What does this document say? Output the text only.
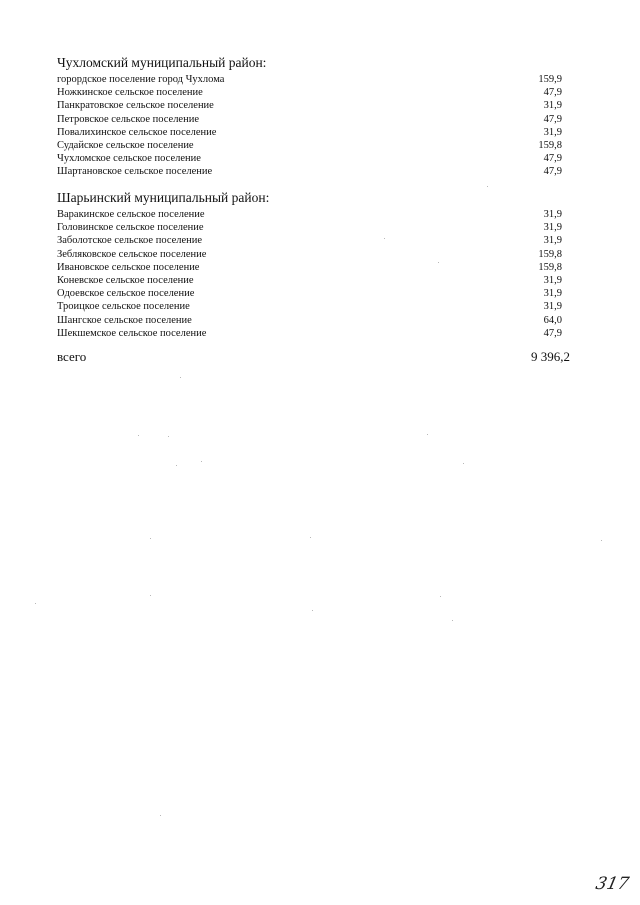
Чухломский муниципальный район:
горордское поселение город Чухлома	159,9
Ножкинское сельское поселение	47,9
Панкратовское сельское поселение	31,9
Петровское сельское поселение	47,9
Повалихинское сельское поселение	31,9
Судайское сельское поселение	159,8
Чухломское сельское поселение	47,9
Шартановское сельское поселение	47,9
Шарьинский муниципальный район:
Варакинское сельское поселение	31,9
Головинское сельское поселение	31,9
Заболотское сельское поселение	31,9
Зебляковское сельское поселение	159,8
Ивановское сельское поселение	159,8
Коневское сельское поселение	31,9
Одоевское сельское поселение	31,9
Троицкое сельское поселение	31,9
Шангское сельское поселение	64,0
Шекшемское сельское поселение	47,9
всего	9 396,2
317
